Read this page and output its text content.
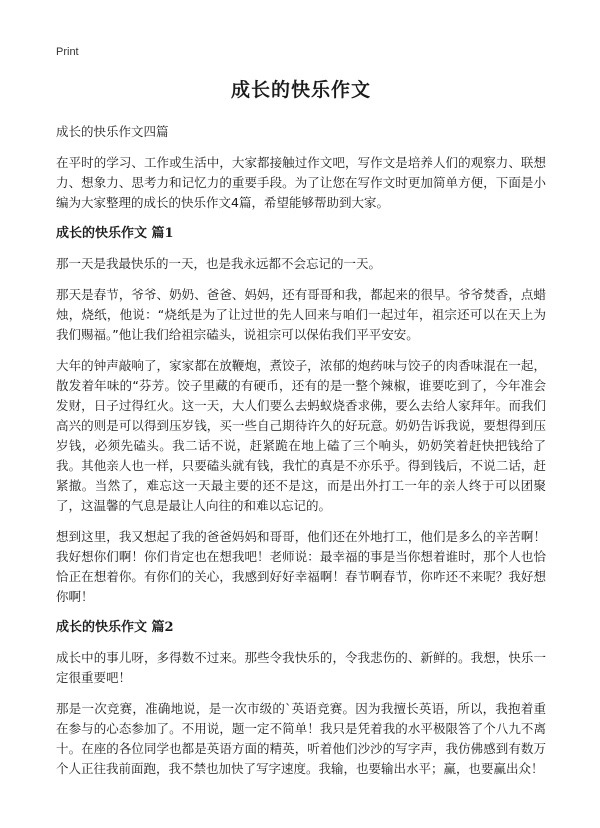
Print
成长的快乐作文
成长的快乐作文四篇

在平时的学习、工作或生活中，大家都接触过作文吧，写作文是培养人们的观察力、联想力、想象力、思考力和记忆力的重要手段。为了让您在写作文时更加简单方便，下面是小编为大家整理的成长的快乐作文4篇，希望能够帮助到大家。

成长的快乐作文 篇1

那一天是我最快乐的一天，也是我永远都不会忘记的一天。

那天是春节，爷爷、奶奶、爸爸、妈妈，还有哥哥和我，都起来的很早。爷爷焚香，点蜡烛，烧纸，他说：“烧纸是为了让过世的先人回来与咱们一起过年，祖宗还可以在天上为我们赐福。”他让我们给祖宗磕头，说祖宗可以保佑我们平平安安。

大年的钟声敲响了，家家都在放鞭炮，煮饺子，浓郁的炮药味与饺子的肉香味混在一起，散发着年味的“芬芳。饺子里藏的有硬币，还有的是一整个辣椒，谁要吃到了，今年准会发财，日子过得红火。这一天，大人们要么去蚂蚁烧香求佛，要么去给人家拜年。而我们高兴的则是可以得到压岁钱，买一些自己期待许久的好玩意。奶奶告诉我说，要想得到压岁钱，必须先磕头。我二话不说，赶紧跪在地上磕了三个响头，奶奶笑着赶快把钱给了我。其他亲人也一样，只要磕头就有钱，我忙的真是不亦乐乎。得到钱后，不说二话，赶紧撤。当然了，难忘这一天最主要的还不是这，而是出外打工一年的亲人终于可以团聚了，这温馨的气息是最让人向往的和难以忘记的。

想到这里，我又想起了我的爸爸妈妈和哥哥，他们还在外地打工，他们是多么的辛苦啊！我好想你们啊！你们肯定也在想我吧！老师说：最幸福的事是当你想着谁时，那个人也恰恰正在想着你。有你们的关心，我感到好好幸福啊！春节啊春节，你咋还不来呢？我好想你啊！

成长的快乐作文 篇2

成长中的事儿呀，多得数不过来。那些令我快乐的，令我悲伤的、新鲜的。我想，快乐一定很重要吧！

那是一次竞赛，准确地说，是一次市级的`英语竞赛。因为我擅长英语，所以，我抱着重在参与的心态参加了。不用说，题一定不简单！我只是凭着我的水平极限答了个八九不离十。在座的各位同学也都是英语方面的精英，听着他们沙沙的写字声，我仿佛感到有数万个人正往我前面跑，我不禁也加快了写字速度。我输，也要输出水平；赢，也要赢出众！
